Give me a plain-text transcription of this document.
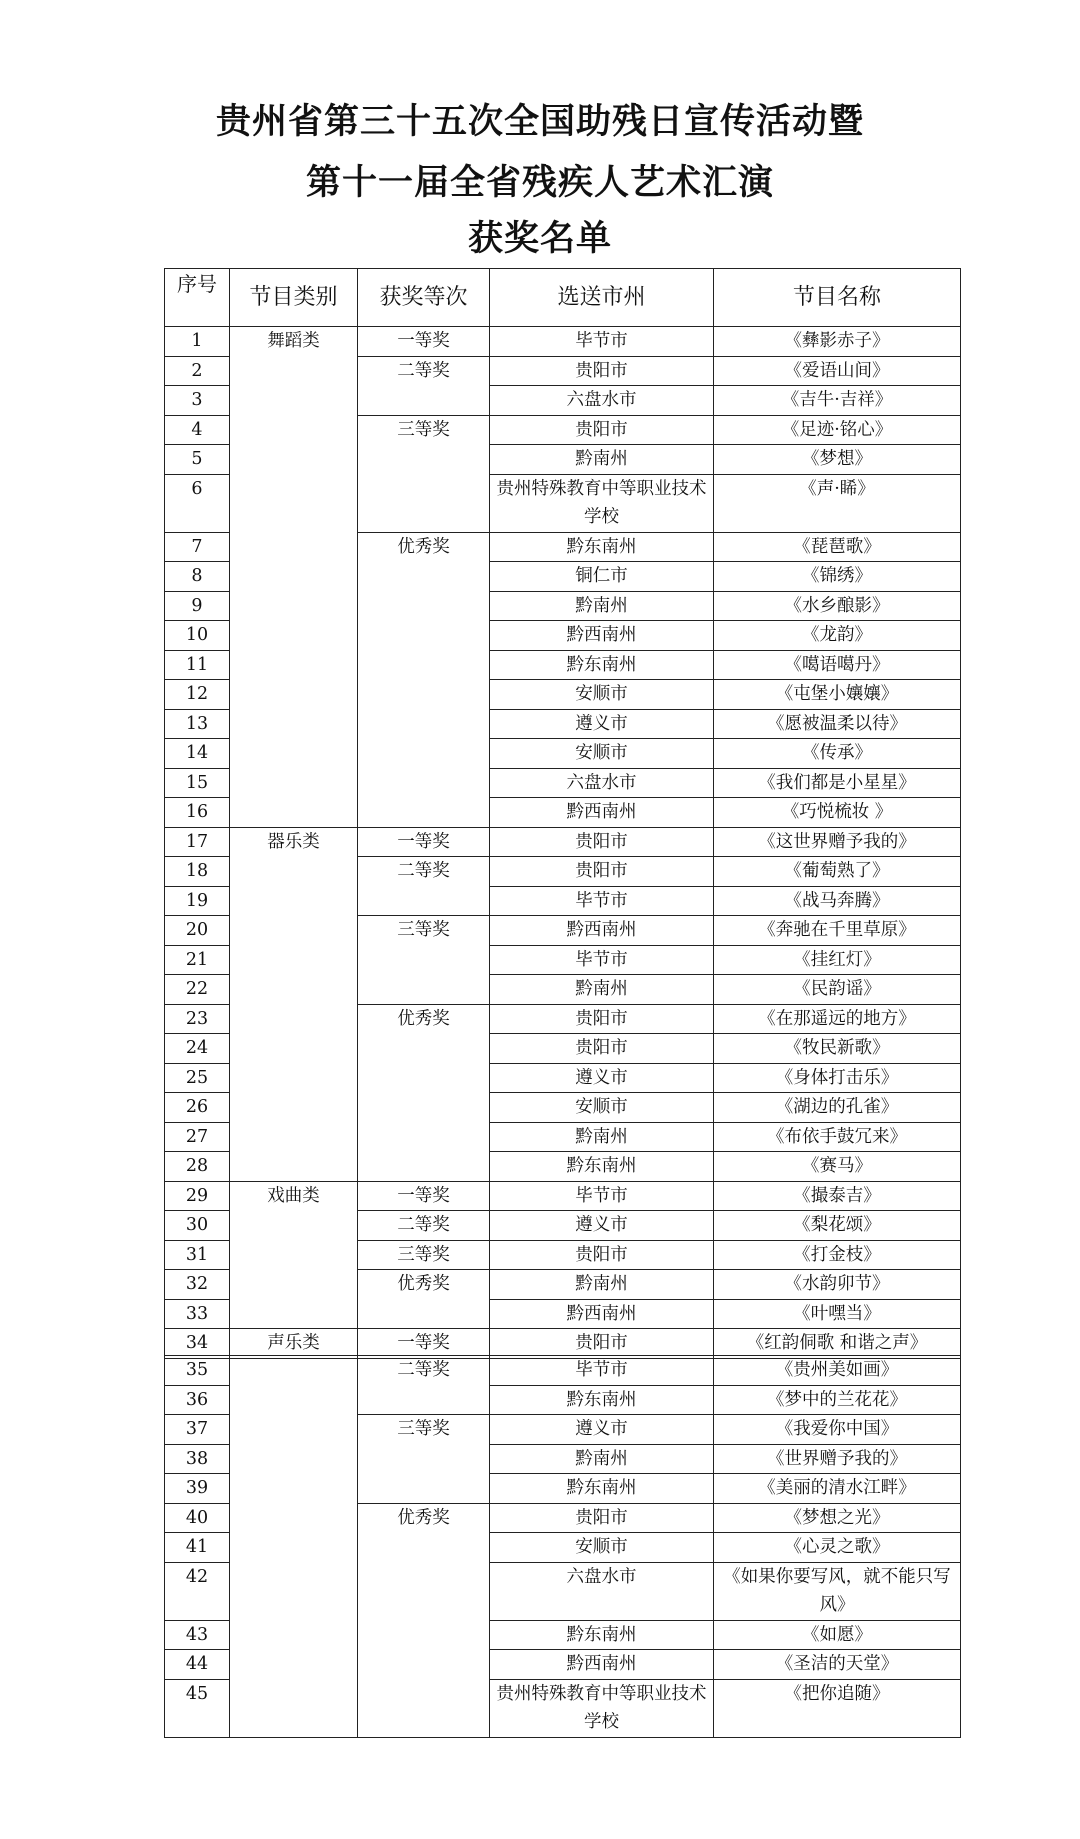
贵州省第三十五次全国助残日宣传活动暨
第十一届全省残疾人艺术汇演
获奖名单
序号	节目类别	获奖等次	选送市州	节目名称
1	舞蹈类	一等奖	毕节市	《彝影赤子》
2		二等奖	贵阳市	《爱语山间》
3			六盘水市	《吉牛·吉祥》
4		三等奖	贵阳市	《足迹·铭心》
5			黔南州	《梦想》
6			贵州特殊教育中等职业技术学校	《声·睎》
7		优秀奖	黔东南州	《琵琶歌》
8			铜仁市	《锦绣》
9			黔南州	《水乡酿影》
10			黔西南州	《龙韵》
11			黔东南州	《噶语噶丹》
12			安顺市	《屯堡小孃孃》
13			遵义市	《愿被温柔以待》
14			安顺市	《传承》
15			六盘水市	《我们都是小星星》
16			黔西南州	《巧悦梳妆 》
17	器乐类	一等奖	贵阳市	《这世界赠予我的》
18		二等奖	贵阳市	《葡萄熟了》
19			毕节市	《战马奔腾》
20		三等奖	黔西南州	《奔驰在千里草原》
21			毕节市	《挂红灯》
22			黔南州	《民韵谣》
23		优秀奖	贵阳市	《在那遥远的地方》
24			贵阳市	《牧民新歌》
25			遵义市	《身体打击乐》
26			安顺市	《湖边的孔雀》
27			黔南州	《布依手鼓冗来》
28			黔东南州	《赛马》
29	戏曲类	一等奖	毕节市	《撮泰吉》
30		二等奖	遵义市	《梨花颂》
31		三等奖	贵阳市	《打金枝》
32		优秀奖	黔南州	《水韵卯节》
33			黔西南州	《叶嘿当》
34	声乐类	一等奖	贵阳市	《红韵侗歌 和谐之声》
35		二等奖	毕节市	《贵州美如画》
36			黔东南州	《梦中的兰花花》
37		三等奖	遵义市	《我爱你中国》
38			黔南州	《世界赠予我的》
39			黔东南州	《美丽的清水江畔》
40		优秀奖	贵阳市	《梦想之光》
41			安顺市	《心灵之歌》
42			六盘水市	《如果你要写风，就不能只写风》
43			黔东南州	《如愿》
44			黔西南州	《圣洁的天堂》
45			贵州特殊教育中等职业技术学校	《把你追随》
